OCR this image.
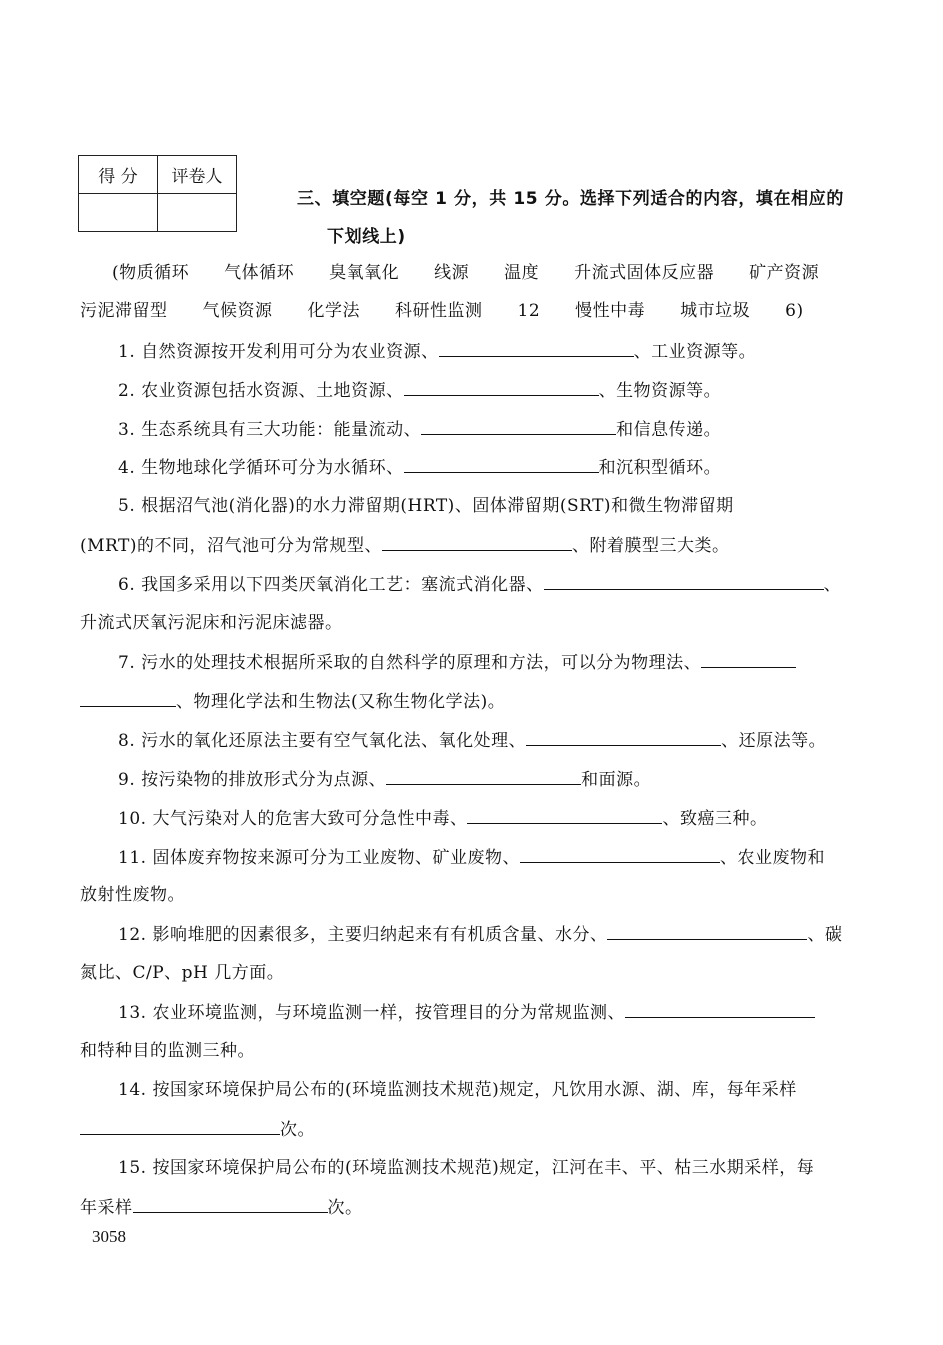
得 分	评卷人

三、填空题(每空 1 分，共 15 分。选择下列适合的内容，填在相应的
下划线上)
(物质循环　　气体循环　　臭氧氧化　　线源　　温度　　升流式固体反应器　　矿产资源
污泥滞留型　　气候资源　　化学法　　科研性监测　　12　　慢性中毒　　城市垃圾　　6)
1. 自然资源按开发利用可分为农业资源、	、工业资源等。
2. 农业资源包括水资源、土地资源、	、生物资源等。
3. 生态系统具有三大功能：能量流动、	和信息传递。
4. 生物地球化学循环可分为水循环、	和沉积型循环。
5. 根据沼气池(消化器)的水力滞留期(HRT)、固体滞留期(SRT)和微生物滞留期
(MRT)的不同，沼气池可分为常规型、	、附着膜型三大类。
6. 我国多采用以下四类厌氧消化工艺：塞流式消化器、	、
升流式厌氧污泥床和污泥床滤器。
7. 污水的处理技术根据所采取的自然科学的原理和方法，可以分为物理法、
、物理化学法和生物法(又称生物化学法)。
8. 污水的氧化还原法主要有空气氧化法、氧化处理、	、还原法等。
9. 按污染物的排放形式分为点源、	和面源。
10. 大气污染对人的危害大致可分急性中毒、	、致癌三种。
11. 固体废弃物按来源可分为工业废物、矿业废物、	、农业废物和
放射性废物。
12. 影响堆肥的因素很多，主要归纳起来有有机质含量、水分、	、碳
氮比、C/P、pH 几方面。
13. 农业环境监测，与环境监测一样，按管理目的分为常规监测、
和特种目的监测三种。
14. 按国家环境保护局公布的(环境监测技术规范)规定，凡饮用水源、湖、库，每年采样
次。
15. 按国家环境保护局公布的(环境监测技术规范)规定，江河在丰、平、枯三水期采样，每
年采样	次。
3058
